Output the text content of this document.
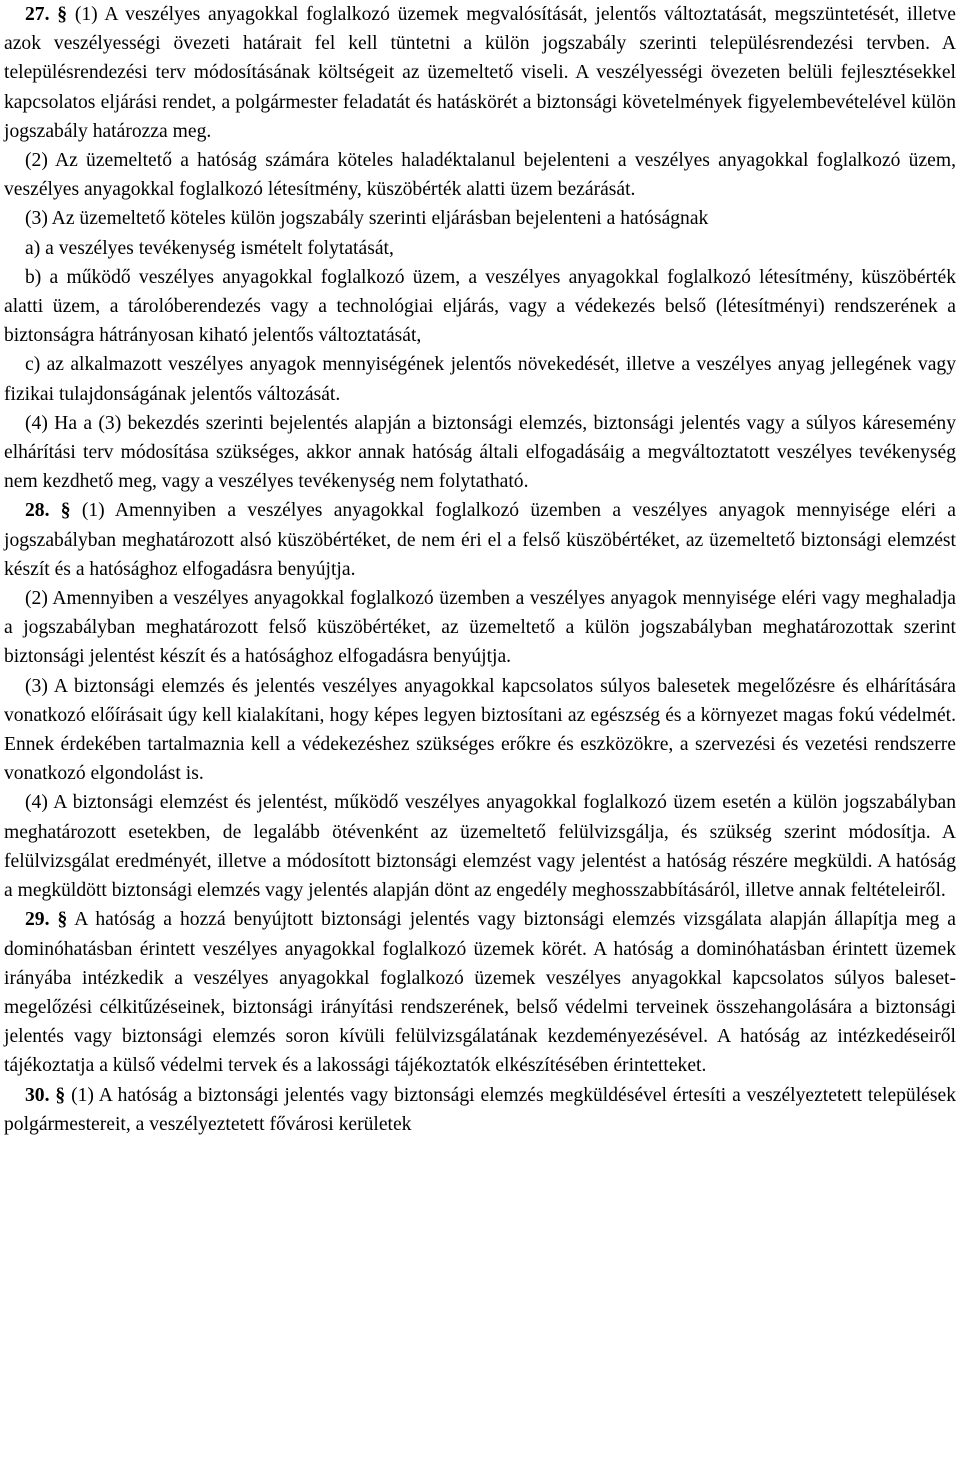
27. § (1) A veszélyes anyagokkal foglalkozó üzemek megvalósítását, jelentős változtatását, megszüntetését, illetve azok veszélyességi övezeti határait fel kell tüntetni a külön jogszabály szerinti településrendezési tervben. A településrendezési terv módosításának költségeit az üzemeltető viseli. A veszélyességi övezeten belüli fejlesztésekkel kapcsolatos eljárási rendet, a polgármester feladatát és hatáskörét a biztonsági követelmények figyelembevételével külön jogszabály határozza meg.

(2) Az üzemeltető a hatóság számára köteles haladéktalanul bejelenteni a veszélyes anyagokkal foglalkozó üzem, veszélyes anyagokkal foglalkozó létesítmény, küszöbérték alatti üzem bezárását.

(3) Az üzemeltető köteles külön jogszabály szerinti eljárásban bejelenteni a hatóságnak

a) a veszélyes tevékenység ismételt folytatását,

b) a működő veszélyes anyagokkal foglalkozó üzem, a veszélyes anyagokkal foglalkozó létesítmény, küszöbérték alatti üzem, a tárolóberendezés vagy a technológiai eljárás, vagy a védekezés belső (létesítményi) rendszerének a biztonságra hátrányosan kiható jelentős változtatását,

c) az alkalmazott veszélyes anyagok mennyiségének jelentős növekedését, illetve a veszélyes anyag jellegének vagy fizikai tulajdonságának jelentős változását.

(4) Ha a (3) bekezdés szerinti bejelentés alapján a biztonsági elemzés, biztonsági jelentés vagy a súlyos káresemény elhárítási terv módosítása szükséges, akkor annak hatóság általi elfogadásáig a megváltoztatott veszélyes tevékenység nem kezdhető meg, vagy a veszélyes tevékenység nem folytatható.

28. § (1) Amennyiben a veszélyes anyagokkal foglalkozó üzemben a veszélyes anyagok mennyisége eléri a jogszabályban meghatározott alsó küszöbértéket, de nem éri el a felső küszöbértéket, az üzemeltető biztonsági elemzést készít és a hatósághoz elfogadásra benyújtja.

(2) Amennyiben a veszélyes anyagokkal foglalkozó üzemben a veszélyes anyagok mennyisége eléri vagy meghaladja a jogszabályban meghatározott felső küszöbértéket, az üzemeltető a külön jogszabályban meghatározottak szerint biztonsági jelentést készít és a hatósághoz elfogadásra benyújtja.

(3) A biztonsági elemzés és jelentés veszélyes anyagokkal kapcsolatos súlyos balesetek megelőzésre és elhárítására vonatkozó előírásait úgy kell kialakítani, hogy képes legyen biztosítani az egészség és a környezet magas fokú védelmét. Ennek érdekében tartalmaznia kell a védekezéshez szükséges erőkre és eszközökre, a szervezési és vezetési rendszerre vonatkozó elgondolást is.

(4) A biztonsági elemzést és jelentést, működő veszélyes anyagokkal foglalkozó üzem esetén a külön jogszabályban meghatározott esetekben, de legalább ötévenként az üzemeltető felülvizsgálja, és szükség szerint módosítja. A felülvizsgálat eredményét, illetve a módosított biztonsági elemzést vagy jelentést a hatóság részére megküldi. A hatóság a megküldött biztonsági elemzés vagy jelentés alapján dönt az engedély meghosszabbításáról, illetve annak feltételeiről.

29. § A hatóság a hozzá benyújtott biztonsági jelentés vagy biztonsági elemzés vizsgálata alapján állapítja meg a dominóhatásban érintett veszélyes anyagokkal foglalkozó üzemek körét. A hatóság a dominóhatásban érintett üzemek irányába intézkedik a veszélyes anyagokkal foglalkozó üzemek veszélyes anyagokkal kapcsolatos súlyos baleset-megelőzési célkitűzéseinek, biztonsági irányítási rendszerének, belső védelmi terveinek összehangolására a biztonsági jelentés vagy biztonsági elemzés soron kívüli felülvizsgálatának kezdeményezésével. A hatóság az intézkedéseiről tájékoztatja a külső védelmi tervek és a lakossági tájékoztatók elkészítésében érintetteket.

30. § (1) A hatóság a biztonsági jelentés vagy biztonsági elemzés megküldésével értesíti a veszélyeztetett települések polgármestereit, a veszélyeztetett fővárosi kerületek
